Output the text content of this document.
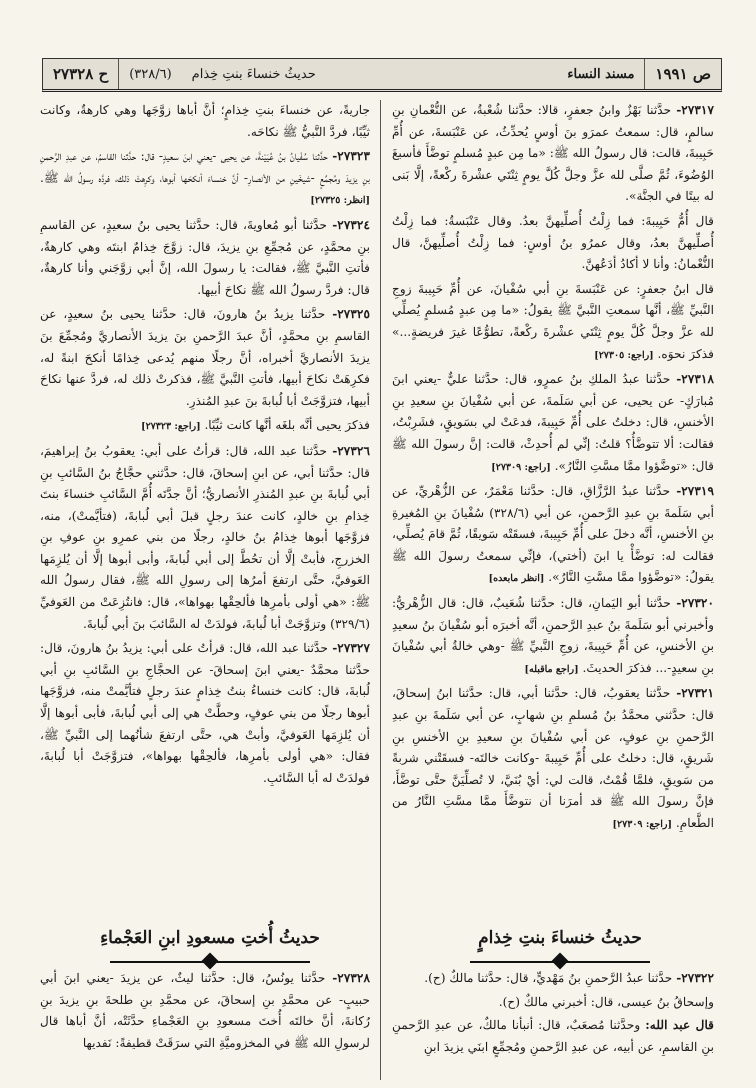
ص ١٩٩١
مسند النساء
حديثُ خنساءَ بنتِ خِذام
(٣٢٨/٦)
ح ٢٧٣٢٨

٢٧٣١٧- حدَّثنا بَهْزٌ وابنُ جعفرٍ، قالا: حدَّثنا شُعْبةُ، عن النُّعْمانِ بنِ سالمٍ، قال: سمعتُ عمرَو بنَ أوسٍ يُحدِّثُ، عن عَنْبَسةَ، عن أُمِّ حَبِيبةَ، قالت: قال رسولُ الله ﷺ: «ما مِن عبدٍ مُسلمٍ توضَّأَ فأسبغَ الوُضُوءَ، ثُمَّ صلَّى لله عزَّ وجلَّ كُلَّ يومٍ ثِنْتَي عشْرةَ ركْعةً، إلَّا بَنى له بيتًا في الجنَّة».

قال أُمُّ حَبِيبةَ: فما زِلْتُ أُصلِّيهنَّ بعدُ. وقال عَنْبَسةُ: فما زِلْتُ أُصلِّيهنَّ بعدُ، وقال عمرُو بنُ أوسٍ: فما زِلْتُ أُصلِّيهنَّ، قال النُّعْمانُ: وأنا لا أكادُ أدَعُهنَّ.

قال ابنُ جعفرٍ: عن عَنْبَسةَ بنِ أبي سُفْيانَ، عن أُمِّ حَبِيبةَ زوجِ النَّبيِّ ﷺ، أنَّها سمعتِ النَّبيَّ ﷺ يقولُ: «ما مِن عبدٍ مُسلمٍ يُصلِّي لله عزَّ وجلَّ كُلَّ يومٍ ثِنْتَي عشْرةَ ركْعةً، تطوُّعًا غيرَ فريضةٍ...» فذكرَ نحوَه. [راجع: ٢٧٣٠٥]

٢٧٣١٨- حدَّثنا عبدُ الملكِ بنُ عمرٍو، قال: حدَّثنا عليٌّ -يعني ابنَ مُبارَكٍ- عن يحيى، عن أبي سَلَمةَ، عن أبي سُفْيانَ بنِ سعيدِ بنِ الأخنسِ، قال: دخلتُ على أُمِّ حَبِيبةَ، فدعَتْ لي بسَويقٍ، فشَرِبْتُ، فقالت: ألا تتوضَّأُ؟ قلتُ: إنِّي لم أُحدِثْ، قالت: إنَّ رسولَ الله ﷺ قال: «توضَّؤوا ممَّا مسَّتِ النَّارُ». [راجع: ٢٧٣٠٩]

٢٧٣١٩- حدَّثنا عبدُ الرَّزَّاقِ، قال: حدَّثنا مَعْمَرٌ، عن الزُّهْريِّ، عن أبي سَلَمةَ بنِ عبدِ الرَّحمنِ، عن أبي (٣٢٨/٦) سُفْيانَ بنِ المُغيرةِ بنِ الأخنسِ، أنَّه دخلَ على أُمِّ حَبِيبةَ، فسقَتْه سَويقًا، ثُمَّ قامَ يُصلِّي، فقالت له: توضَّأْ يا ابنَ (أختي)، فإنِّي سمعتُ رسولَ الله ﷺ يقولُ: «توضَّؤوا ممَّا مسَّتِ النَّارُ». [انظر مابعده]

٢٧٣٢٠- حدَّثنا أبو اليَمانِ، قال: حدَّثنا شُعَيبٌ، قال: قال الزُّهْريُّ: وأخبرني أبو سَلَمةَ بنُ عبدِ الرَّحمنِ، أنَّه أخبرَه أبو سُفْيانَ بنُ سعيدِ بنِ الأخنسِ، عن أُمِّ حَبِيبةَ، زوجِ النَّبيِّ ﷺ -وهي خالةُ أبي سُفْيانَ بنِ سعيدٍ-... فذكرَ الحديثَ. [راجع ماقبله]

٢٧٣٢١- حدَّثنا يعقوبُ، قال: حدَّثنا أبي، قال: حدَّثنا ابنُ إسحاقَ، قال: حدَّثني محمَّدُ بنُ مُسلمِ بنِ شهابٍ، عن أبي سَلَمةَ بنِ عبدِ الرَّحمنِ بنِ عوفٍ، عن أبي سُفْيانَ بنِ سعيدِ بنِ الأخنسِ بنِ شَريقٍ، قال: دخلتُ على أُمِّ حَبِيبةَ -وكانت خالتَه- فسقَتْني شربةً من سَويقٍ، فلمَّا قُمْتُ، قالت لي: أيْ بُنَيَّ، لا تُصلِّيَنَّ حتَّى توضَّأَ، فإنَّ رسولَ الله ﷺ قد أمرَنا أن نتوضَّأَ ممَّا مسَّتِ النَّارُ من الطَّعامِ. [راجع: ٢٧٣٠٩]

جاريةً، عن خنساءَ بنتِ خِذامٍ؛ أنَّ أباها زوَّجَها وهي كارهةٌ، وكانت ثيِّبًا، فردَّ النَّبيُّ ﷺ نكاحَه.

٢٧٣٢٣- حدَّثنا سُفْيانُ بنُ عُيَيْنةَ، عن يحيى -يعني ابنَ سعيدٍ- قال: حدَّثنا القاسمُ، عن عبدِ الرَّحمنِ بنِ يزيدَ ومُجمِّعٍ -شيخَينِ من الأنصارِ- أنَّ خنساءَ أنكحَها أبوها، وكرِهتْ ذلك، فردَّه رسولُ الله ﷺ. [انظر: ٢٧٣٢٥]

٢٧٣٢٤- حدَّثنا أبو مُعاويةَ، قال: حدَّثنا يحيى بنُ سعيدٍ، عن القاسمِ بنِ محمَّدٍ، عن مُجمِّعِ بنِ يزيدَ، قال: زوَّجَ خِذامٌ ابنتَه وهي كارهةٌ، فأتتِ النَّبيَّ ﷺ، فقالت: يا رسولَ الله، إنَّ أبي زوَّجَني وأنا كارهةٌ، قال: فردَّ رسولُ الله ﷺ نكاحَ أبيها.

٢٧٣٢٥- حدَّثنا يزيدُ بنُ هارونَ، قال: حدَّثنا يحيى بنُ سعيدٍ، عن القاسمِ بنِ محمَّدٍ، أنَّ عبدَ الرَّحمنِ بنَ يزيدَ الأنصاريَّ ومُجمِّعَ بنَ يزيدَ الأنصاريَّ أخبراه، أنَّ رجلًا منهم يُدعى خِذامًا أنكحَ ابنةً له، فكرِهَتْ نكاحَ أبيها، فأتتِ النَّبيَّ ﷺ، فذكرتْ ذلك له، فردَّ عنها نكاحَ أبيها، فتزوَّجَتْ أبا لُبابةَ بنَ عبدِ المُنذرِ.

فذكرَ يحيى أنَّه بلغَه أنَّها كانت ثيِّبًا. [راجع: ٢٧٣٢٣]

٢٧٣٢٦- حدَّثنا عبد الله، قال: قرأتُ على أبي: يعقوبُ بنُ إبراهيمَ، قال: حدَّثنا أبي، عن ابنِ إسحاقَ، قال: حدَّثني حجَّاجُ بنُ السَّائبِ بنِ أبي لُبابةَ بنِ عبدِ المُنذرِ الأنصاريُّ؛ أنَّ جدَّتَه أُمَّ السَّائبِ خنساءَ بنتَ خِذامِ بنِ خالدٍ، كانت عندَ رجلٍ قبلَ أبي لُبابةَ، (فتأيَّمتْ)، منه، فزوَّجَها أبوها خِذامُ بنُ خالدٍ، رجلًا من بني عمرِو بنِ عوفِ بنِ الخزرجِ، فأبتْ إلَّا أن تحُطَّ إلى أبي لُبابةَ، وأبى أبوها إلَّا أن يُلزِمَها العَوفيَّ، حتَّى ارتفعَ أمرُها إلى رسولِ الله ﷺ، فقال رسولُ الله ﷺ: «هي أولى بأمرِها فألحِقْها بهواها»، قال: فانتُزِعَتْ من العَوفيِّ (٣٢٩/٦) وتزوَّجَتْ أبا لُبابةَ، فولدَتْ له السَّائبَ بنَ أبي لُبابةَ.

٢٧٣٢٧- حدَّثنا عبد الله، قال: قرأتُ على أبي: يزيدُ بنُ هارونَ، قال: حدَّثنا محمَّدٌ -يعني ابنَ إسحاقَ- عن الحجَّاجِ بنِ السَّائبِ بنِ أبي لُبابةَ، قال: كانت خنساءُ بنتُ خِذامٍ عندَ رجلٍ فتأيَّمتْ منه، فزوَّجَها أبوها رجلًا من بني عوفٍ، وحطَّتْ هي إلى أبي لُبابةَ، فأبى أبوها إلَّا أن يُلزِمَها العَوفيَّ، وأبتْ هي، حتَّى ارتفعَ شأنُهما إلى النَّبيِّ ﷺ، فقال: «هي أولى بأمرِها، فألحِقْها بهواها»، فتزوَّجَتْ أبا لُبابةَ، فولدَتْ له أبا السَّائبِ.

حديثُ خنساءَ بنتِ خِذامٍ

٢٧٣٢٢- حدَّثنا عبدُ الرَّحمنِ بنُ مَهْديٍّ، قال: حدَّثنا مالكٌ (ح).

وإسحاقُ بنُ عيسى، قال: أخبرني مالكٌ (ح).

قال عبد الله: وحدَّثنا مُصعَبٌ، قال: أنبأنا مالكٌ، عن عبدِ الرَّحمنِ بنِ القاسمِ، عن أبيه، عن عبدِ الرَّحمنِ ومُجمِّعٍ ابنَي يزيدَ ابنِ

حديثُ أُختِ مسعودِ ابنِ العَجْماءِ

٢٧٣٢٨- حدَّثنا يونُسُ، قال: حدَّثنا ليثٌ، عن يزيدَ -يعني ابنَ أبي حبيبٍ- عن محمَّدِ بنِ إسحاقَ، عن محمَّدِ بنِ طلحةَ بنِ يزيدَ بنِ رُكانةَ، أنَّ خالتَه أُختَ مسعودِ بنِ العَجْماءِ حدَّثَتْه، أنَّ أباها قال لرسولِ الله ﷺ في المخزوميَّةِ التي سرَقَتْ قطيفةً: نَفديها
